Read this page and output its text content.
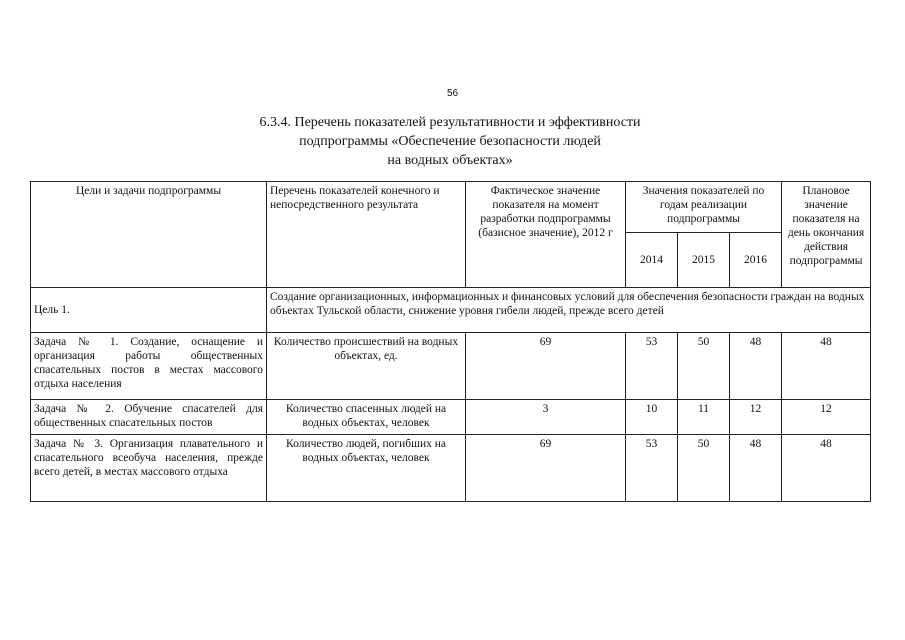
56
6.3.4. Перечень показателей результативности и эффективности
подпрограммы «Обеспечение безопасности людей
на водных объектах»
Цели и задачи подпрограммы	Перечень показателей конечного и непосредственного результата	Фактическое значение показателя на момент разработки подпрограммы (базисное значение), 2012 г	Значения показателей по годам реализации подпрограммы			Плановое значение показателя на день окончания действия подпрограммы
			2014	2015	2016	
Цель 1.	Создание организационных, информационных и финансовых условий для обеспечения безопасности граждан на водных объектах Тульской области, снижение уровня гибели людей, прежде всего детей					
Задача № 1. Создание, оснащение и организация работы общественных спасательных постов в местах массового отдыха населения	Количество происшествий на водных объектах, ед.	69	53	50	48	48
Задача № 2. Обучение спасателей для общественных спасательных постов	Количество спасенных людей на водных объектах, человек	3	10	11	12	12
Задача № 3. Организация плавательного и спасательного всеобуча населения, прежде всего детей, в местах массового отдыха	Количество людей, погибших на водных объектах, человек	69	53	50	48	48
